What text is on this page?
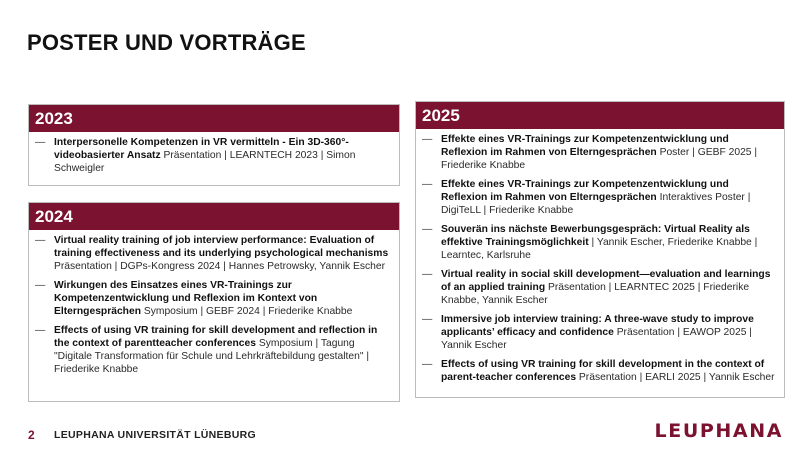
POSTER UND VORTRÄGE
2023
— Interpersonelle Kompetenzen in VR vermitteln - Ein 3D-360°-videobasierter Ansatz Präsentation | LEARNTECH 2023 | Simon Schweigler
2024
— Virtual reality training of job interview performance: Evaluation of training effectiveness and its underlying psychological mechanisms Präsentation | DGPs-Kongress 2024 | Hannes Petrowsky, Yannik Escher
— Wirkungen des Einsatzes eines VR-Trainings zur Kompetenzentwicklung und Reflexion im Kontext von Elterngesprächen Symposium | GEBF 2024 | Friederike Knabbe
— Effects of using VR training for skill development and reflection in the context of parentteacher conferences Symposium | Tagung "Digitale Transformation für Schule und Lehrkräftebildung gestalten" | Friederike Knabbe
2025
— Effekte eines VR-Trainings zur Kompetenzentwicklung und Reflexion im Rahmen von Elterngesprächen Poster | GEBF 2025 | Friederike Knabbe
— Effekte eines VR-Trainings zur Kompetenzentwicklung und Reflexion im Rahmen von Elterngesprächen Interaktives Poster | DigiTeLL | Friederike Knabbe
— Souverän ins nächste Bewerbungsgespräch: Virtual Reality als effektive Trainingsmöglichkeit | Yannik Escher, Friederike Knabbe | Learntec, Karlsruhe
— Virtual reality in social skill development—evaluation and learnings of an applied training Präsentation | LEARNTEC 2025 | Friederike Knabbe, Yannik Escher
— Immersive job interview training: A three-wave study to improve applicants’ efficacy and confidence Präsentation | EAWOP 2025 | Yannik Escher
— Effects of using VR training for skill development in the context of parent-teacher conferences Präsentation | EARLI 2025 | Yannik Escher
2 LEUPHANA UNIVERSITÄT LÜNEBURG	LEUPHANA
